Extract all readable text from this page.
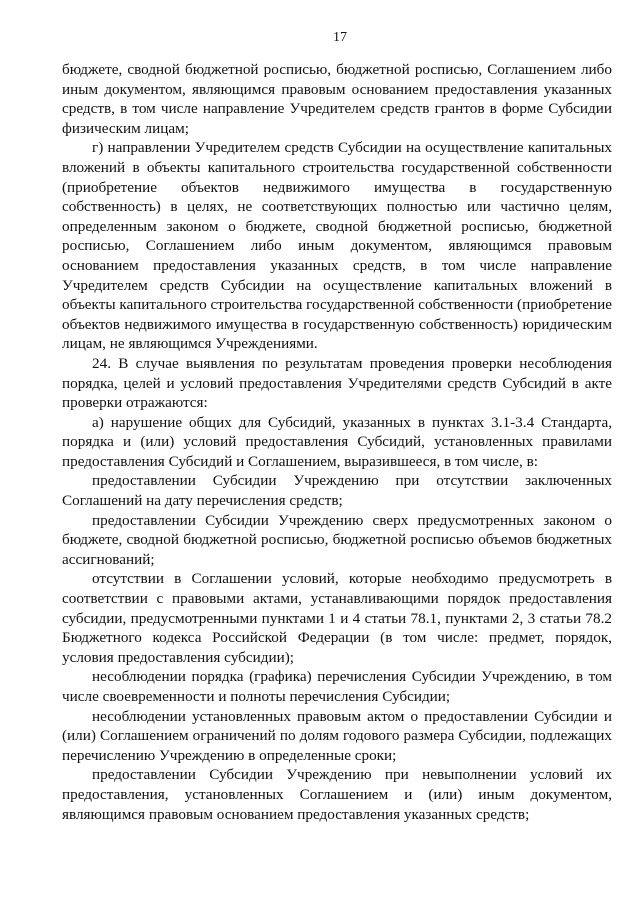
17

бюджете, сводной бюджетной росписью, бюджетной росписью, Соглашением либо иным документом, являющимся правовым основанием предоставления указанных средств, в том числе направление Учредителем средств грантов в форме Субсидии физическим лицам;

г) направлении Учредителем средств Субсидии на осуществление капитальных вложений в объекты капитального строительства государственной собственности (приобретение объектов недвижимого имущества в государственную собственность) в целях, не соответствующих полностью или частично целям, определенным законом о бюджете, сводной бюджетной росписью, бюджетной росписью, Соглашением либо иным документом, являющимся правовым основанием предоставления указанных средств, в том числе направление Учредителем средств Субсидии на осуществление капитальных вложений в объекты капитального строительства государственной собственности (приобретение объектов недвижимого имущества в государственную собственность) юридическим лицам, не являющимся Учреждениями.

24. В случае выявления по результатам проведения проверки несоблюдения порядка, целей и условий предоставления Учредителями средств Субсидий в акте проверки отражаются:

а) нарушение общих для Субсидий, указанных в пунктах 3.1-3.4 Стандарта, порядка и (или) условий предоставления Субсидий, установленных правилами предоставления Субсидий и Соглашением, выразившееся, в том числе, в:

предоставлении Субсидии Учреждению при отсутствии заключенных Соглашений на дату перечисления средств;

предоставлении Субсидии Учреждению сверх предусмотренных законом о бюджете, сводной бюджетной росписью, бюджетной росписью объемов бюджетных ассигнований;

отсутствии в Соглашении условий, которые необходимо предусмотреть в соответствии с правовыми актами, устанавливающими порядок предоставления субсидии, предусмотренными пунктами 1 и 4 статьи 78.1, пунктами 2, 3 статьи 78.2 Бюджетного кодекса Российской Федерации (в том числе: предмет, порядок, условия предоставления субсидии);

несоблюдении порядка (графика) перечисления Субсидии Учреждению, в том числе своевременности и полноты перечисления Субсидии;

несоблюдении установленных правовым актом о предоставлении Субсидии и (или) Соглашением ограничений по долям годового размера Субсидии, подлежащих перечислению Учреждению в определенные сроки;

предоставлении Субсидии Учреждению при невыполнении условий их предоставления, установленных Соглашением и (или) иным документом, являющимся правовым основанием предоставления указанных средств;
